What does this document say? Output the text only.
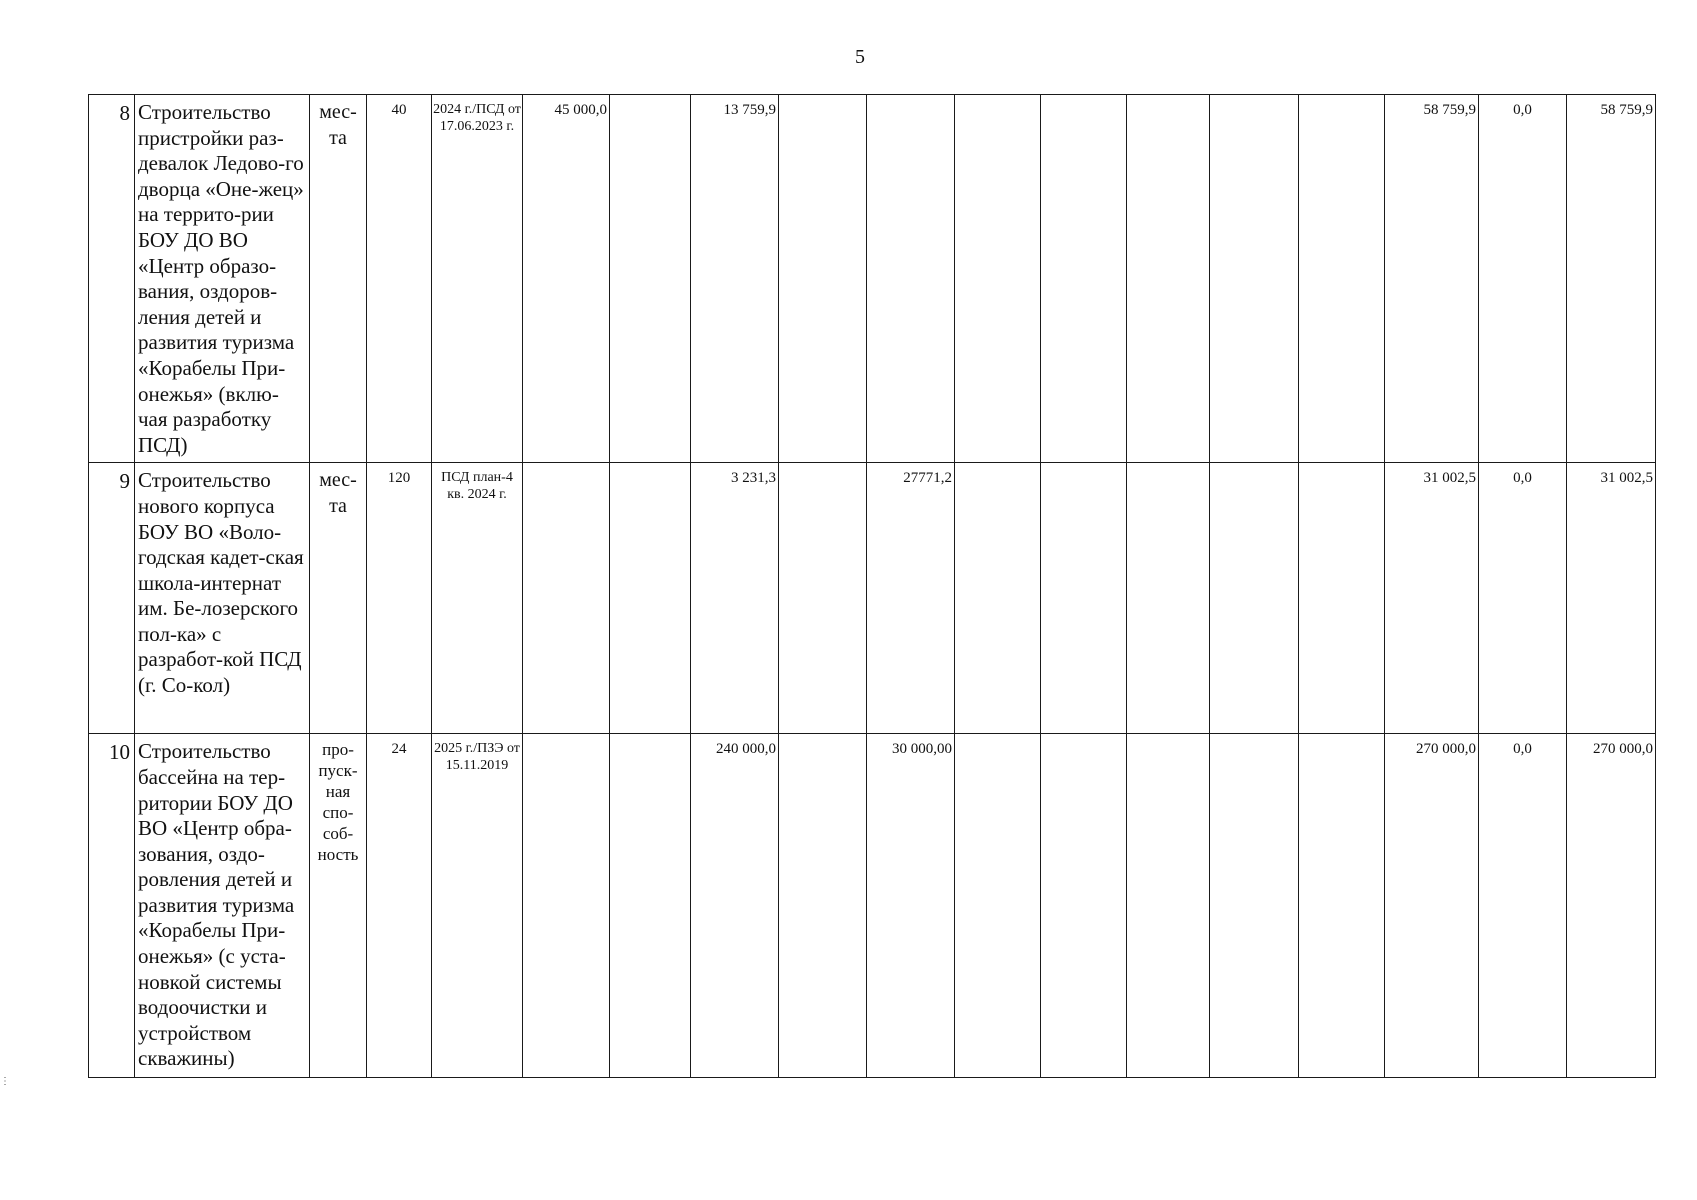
5
8	Строительство пристройки раз-девалок Ледово-го дворца «Оне-жец» на террито-рии БОУ ДО ВО «Центр образо-вания, оздоров-ления детей и развития туризма «Корабелы При-онежья» (вклю-чая разработку ПСД)	мес-та	40	2024 г./ПСД от 17.06.2023 г.	45 000,0		13 759,9								58 759,9	0,0	58 759,9
9	Строительство нового корпуса БОУ ВО «Воло-годская кадет-ская школа-интернат им. Бе-лозерского пол-ка» с разработ-кой ПСД (г. Со-кол)	мес-та	120	ПСД план-4 кв. 2024 г.			3 231,3		27771,2						31 002,5	0,0	31 002,5
10	Строительство бассейна на тер-ритории БОУ ДО ВО «Центр обра-зования, оздо-ровления детей и развития туризма «Корабелы При-онежья» (с уста-новкой системы водоочистки и устройством скважины)	про-пуск-ная спо-соб-ность	24	2025 г./ПЗЭ от 15.11.2019			240 000,0		30 000,00						270 000,0	0,0	270 000,0
⋮
